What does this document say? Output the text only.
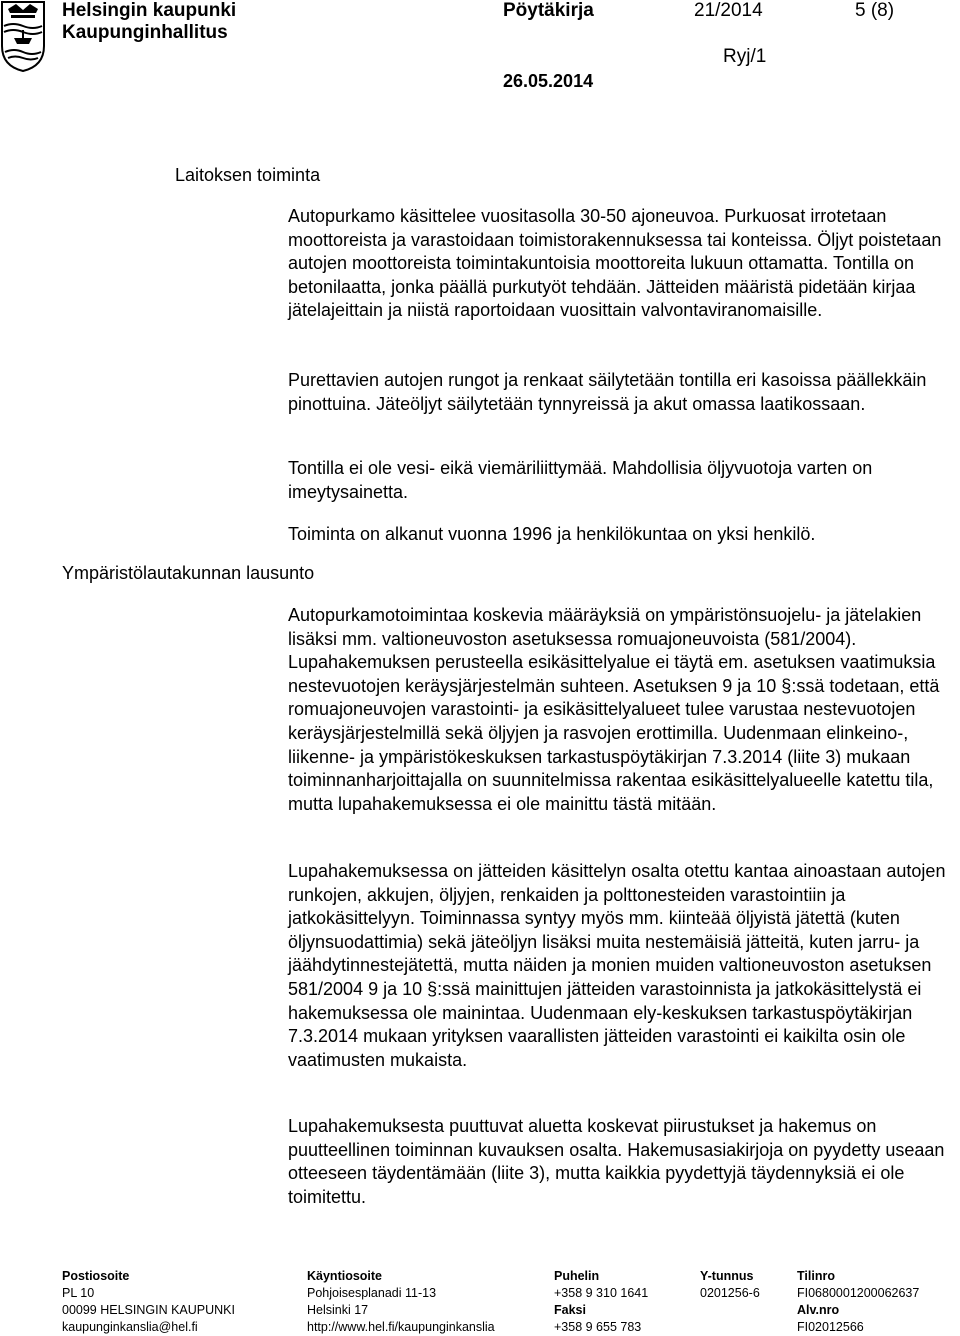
Helsingin kaupunki
Kaupunginhallitus
Pöytäkirja	21/2014	5 (8)
Ryj/1
26.05.2014
Laitoksen toiminta
Ympäristölautakunnan lausunto
Autopurkamo käsittelee vuositasolla 30-50 ajoneuvoa. Purkuosat irrotetaan moottoreista ja varastoidaan toimistorakennuksessa tai konteissa. Öljyt poistetaan autojen moottoreista toimintakuntoisia moottoreita lukuun ottamatta. Tontilla on betonilaatta, jonka päällä purkutyöt tehdään. Jätteiden määristä pidetään kirjaa jätelajeittain ja niistä raportoidaan vuosittain valvontaviranomaisille.
Purettavien autojen rungot ja renkaat säilytetään tontilla eri kasoissa päällekkäin pinottuina. Jäteöljyt säilytetään tynnyreissä ja akut omassa laatikossaan.
Tontilla ei ole vesi- eikä viemäriliittymää. Mahdollisia öljyvuotoja varten on imeytysainetta.
Toiminta on alkanut vuonna 1996 ja henkilökuntaa on yksi henkilö.
Autopurkamotoimintaa koskevia määräyksiä on ympäristönsuojelu- ja jätelakien lisäksi mm. valtioneuvoston asetuksessa romuajoneuvoista (581/2004). Lupahakemuksen perusteella esikäsittelyalue ei täytä em. asetuksen vaatimuksia nestevuotojen keräysjärjestelmän suhteen. Asetuksen 9 ja 10 §:ssä todetaan, että romuajoneuvojen varastointi- ja esikäsittelyalueet tulee varustaa nestevuotojen keräysjärjestelmillä sekä öljyjen ja rasvojen erottimilla. Uudenmaan elinkeino-, liikenne- ja ympäristökeskuksen tarkastuspöytäkirjan 7.3.2014 (liite 3) mukaan toiminnanharjoittajalla on suunnitelmissa rakentaa esikäsittelyalueelle katettu tila, mutta lupahakemuksessa ei ole mainittu tästä mitään.
Lupahakemuksessa on jätteiden käsittelyn osalta otettu kantaa ainoastaan autojen runkojen, akkujen, öljyjen, renkaiden ja polttonesteiden varastointiin ja jatkokäsittelyyn. Toiminnassa syntyy myös mm. kiinteää öljyistä jätettä (kuten öljynsuodattimia) sekä jäteöljyn lisäksi muita nestemäisiä jätteitä, kuten jarru- ja jäähdytinnestejätettä, mutta näiden ja monien muiden valtioneuvoston asetuksen 581/2004 9 ja 10 §:ssä mainittujen jätteiden varastoinnista ja jatkokäsittelystä ei hakemuksessa ole mainintaa. Uudenmaan ely-keskuksen tarkastuspöytäkirjan 7.3.2014 mukaan yrityksen vaarallisten jätteiden varastointi ei kaikilta osin ole vaatimusten mukaista.
Lupahakemuksesta puuttuvat aluetta koskevat piirustukset ja hakemus on puutteellinen toiminnan kuvauksen osalta. Hakemusasiakirjoja on pyydetty useaan otteeseen täydentämään (liite 3), mutta kaikkia pyydettyjä täydennyksiä ei ole toimitettu.
Postiosoite
PL 10
00099 HELSINGIN KAUPUNKI
kaupunginkanslia@hel.fi
Käyntiosoite
Pohjoisesplanadi 11-13
Helsinki 17
http://www.hel.fi/kaupunginkanslia
Puhelin
+358 9 310 1641
Faksi
+358 9 655 783
Y-tunnus
0201256-6
Tilinro
FI0680001200062637
Alv.nro
FI02012566
